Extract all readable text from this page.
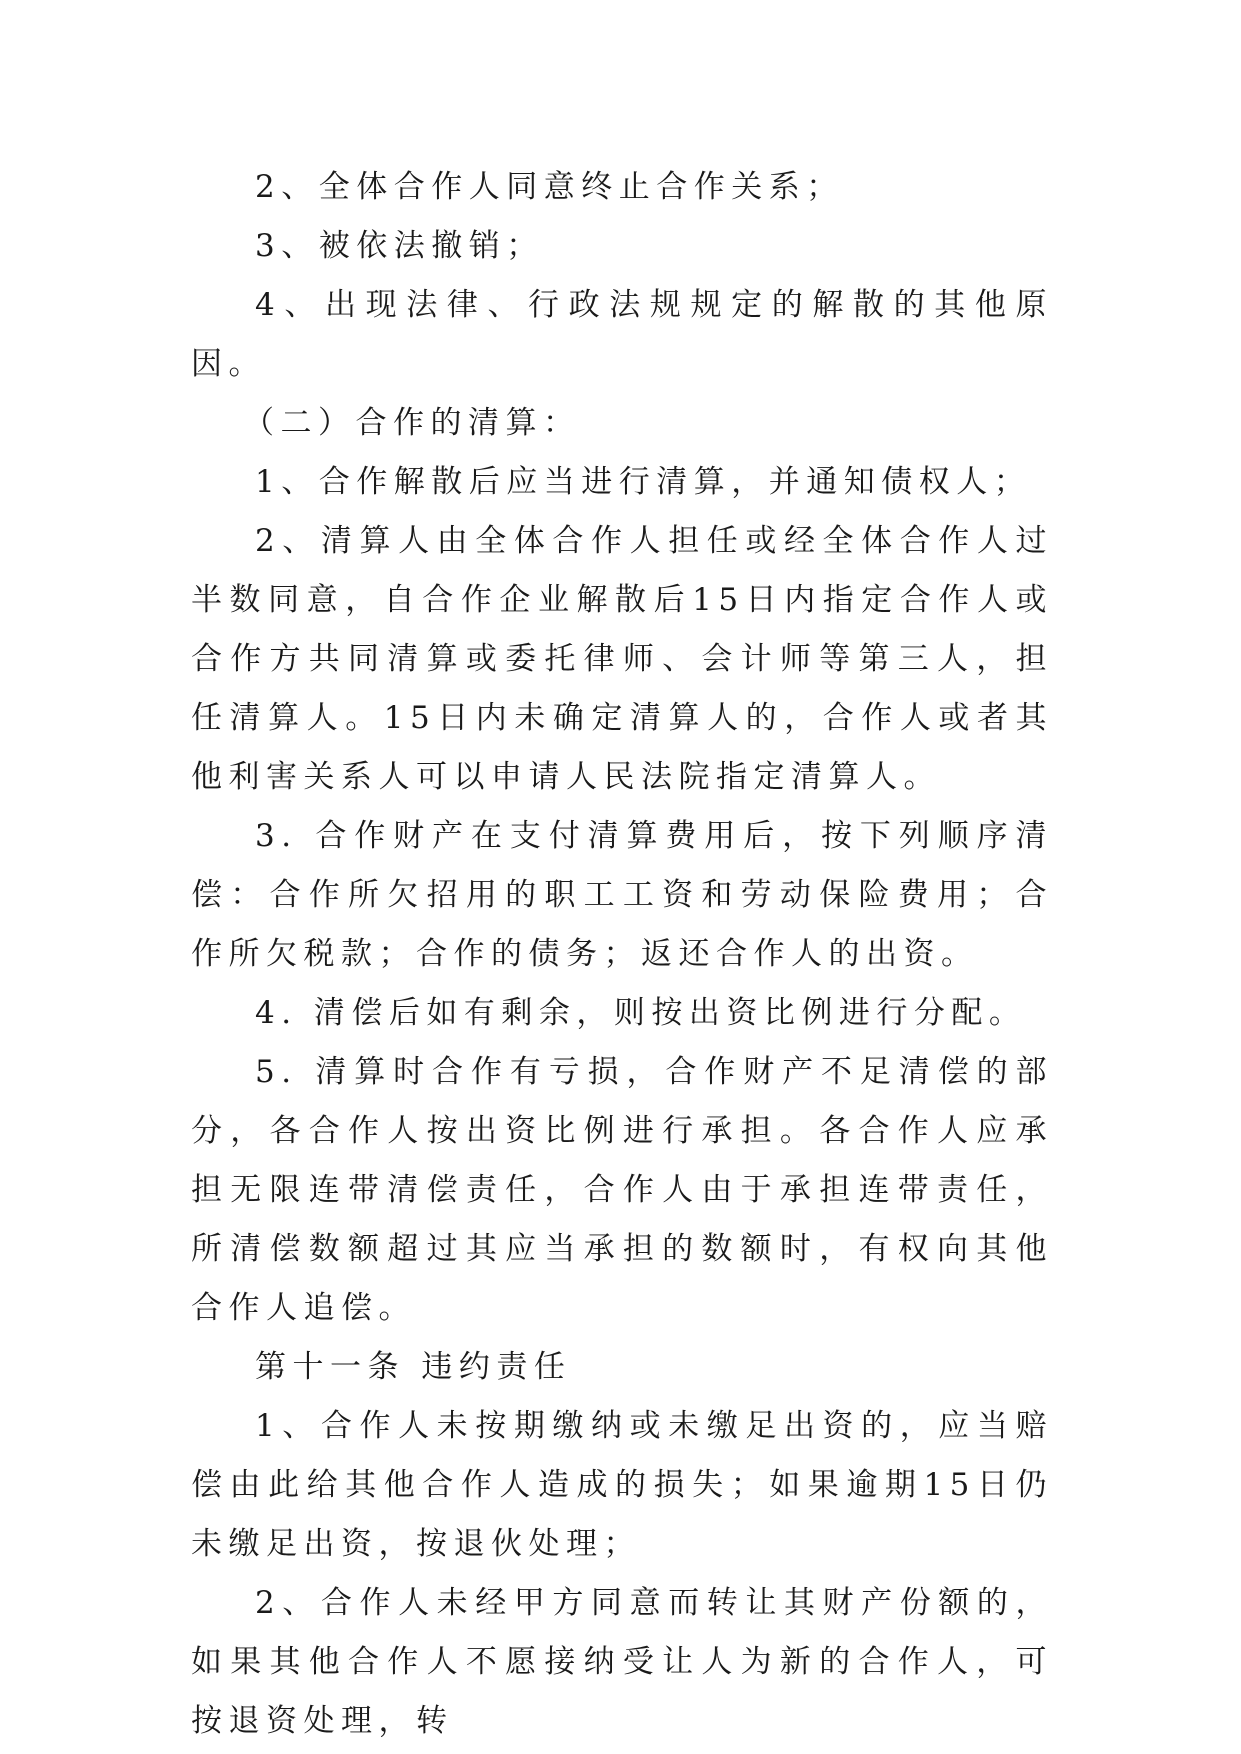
2、全体合作人同意终止合作关系；

3、被依法撤销；

4、出现法律、行政法规规定的解散的其他原因。

（二）合作的清算：

1、合作解散后应当进行清算，并通知债权人；

2、清算人由全体合作人担任或经全体合作人过半数同意，自合作企业解散后15日内指定合作人或合作方共同清算或委托律师、会计师等第三人，担任清算人。15日内未确定清算人的，合作人或者其他利害关系人可以申请人民法院指定清算人。

3. 合作财产在支付清算费用后，按下列顺序清偿：合作所欠招用的职工工资和劳动保险费用；合作所欠税款；合作的债务；返还合作人的出资。

4. 清偿后如有剩余，则按出资比例进行分配。

5. 清算时合作有亏损，合作财产不足清偿的部分，各合作人按出资比例进行承担。各合作人应承担无限连带清偿责任，合作人由于承担连带责任，所清偿数额超过其应当承担的数额时，有权向其他合作人追偿。

第十一条 违约责任

1、合作人未按期缴纳或未缴足出资的，应当赔偿由此给其他合作人造成的损失；如果逾期15日仍未缴足出资，按退伙处理；

2、合作人未经甲方同意而转让其财产份额的，如果其他合作人不愿接纳受让人为新的合作人，可按退资处理，转
